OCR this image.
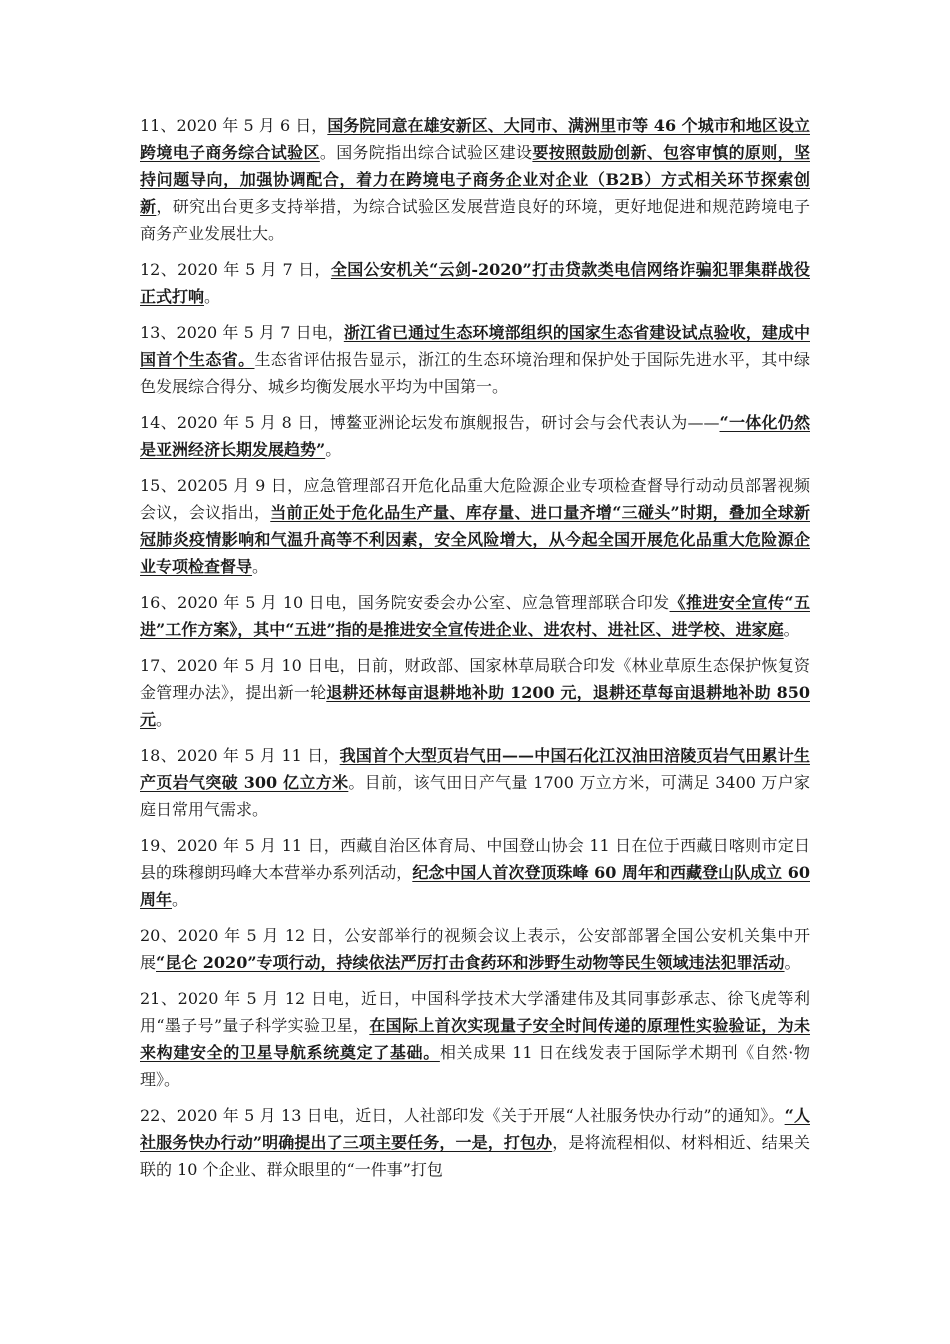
11、2020 年 5 月 6 日，国务院同意在雄安新区、大同市、满洲里市等 46 个城市和地区设立跨境电子商务综合试验区。国务院指出综合试验区建设要按照鼓励创新、包容审慎的原则，坚持问题导向，加强协调配合，着力在跨境电子商务企业对企业（B2B）方式相关环节探索创新，研究出台更多支持举措，为综合试验区发展营造良好的环境，更好地促进和规范跨境电子商务产业发展壮大。

12、2020 年 5 月 7 日，全国公安机关“云剑-2020”打击贷款类电信网络诈骗犯罪集群战役正式打响。

13、2020 年 5 月 7 日电，浙江省已通过生态环境部组织的国家生态省建设试点验收，建成中国首个生态省。生态省评估报告显示，浙江的生态环境治理和保护处于国际先进水平，其中绿色发展综合得分、城乡均衡发展水平均为中国第一。

14、2020 年 5 月 8 日，博鳌亚洲论坛发布旗舰报告，研讨会与会代表认为——“一体化仍然是亚洲经济长期发展趋势”。

15、20205 月 9 日，应急管理部召开危化品重大危险源企业专项检查督导行动动员部署视频会议，会议指出，当前正处于危化品生产量、库存量、进口量齐增“三碰头”时期，叠加全球新冠肺炎疫情影响和气温升高等不利因素，安全风险增大，从今起全国开展危化品重大危险源企业专项检查督导。

16、2020 年 5 月 10 日电，国务院安委会办公室、应急管理部联合印发《推进安全宣传“五进”工作方案》，其中“五进”指的是推进安全宣传进企业、进农村、进社区、进学校、进家庭。

17、2020 年 5 月 10 日电，日前，财政部、国家林草局联合印发《林业草原生态保护恢复资金管理办法》，提出新一轮退耕还林每亩退耕地补助 1200 元，退耕还草每亩退耕地补助 850 元。

18、2020 年 5 月 11 日，我国首个大型页岩气田——中国石化江汉油田涪陵页岩气田累计生产页岩气突破 300 亿立方米。目前，该气田日产气量 1700 万立方米，可满足 3400 万户家庭日常用气需求。

19、2020 年 5 月 11 日，西藏自治区体育局、中国登山协会 11 日在位于西藏日喀则市定日县的珠穆朗玛峰大本营举办系列活动，纪念中国人首次登顶珠峰 60 周年和西藏登山队成立 60 周年。

20、2020 年 5 月 12 日，公安部举行的视频会议上表示，公安部部署全国公安机关集中开展“昆仑 2020”专项行动，持续依法严厉打击食药环和涉野生动物等民生领域违法犯罪活动。

21、2020 年 5 月 12 日电，近日，中国科学技术大学潘建伟及其同事彭承志、徐飞虎等利用“墨子号”量子科学实验卫星，在国际上首次实现量子安全时间传递的原理性实验验证，为未来构建安全的卫星导航系统奠定了基础。相关成果 11 日在线发表于国际学术期刊《自然·物理》。

22、2020 年 5 月 13 日电，近日，人社部印发《关于开展“人社服务快办行动”的通知》。“人社服务快办行动”明确提出了三项主要任务，一是，打包办，是将流程相似、材料相近、结果关联的 10 个企业、群众眼里的“一件事”打包
